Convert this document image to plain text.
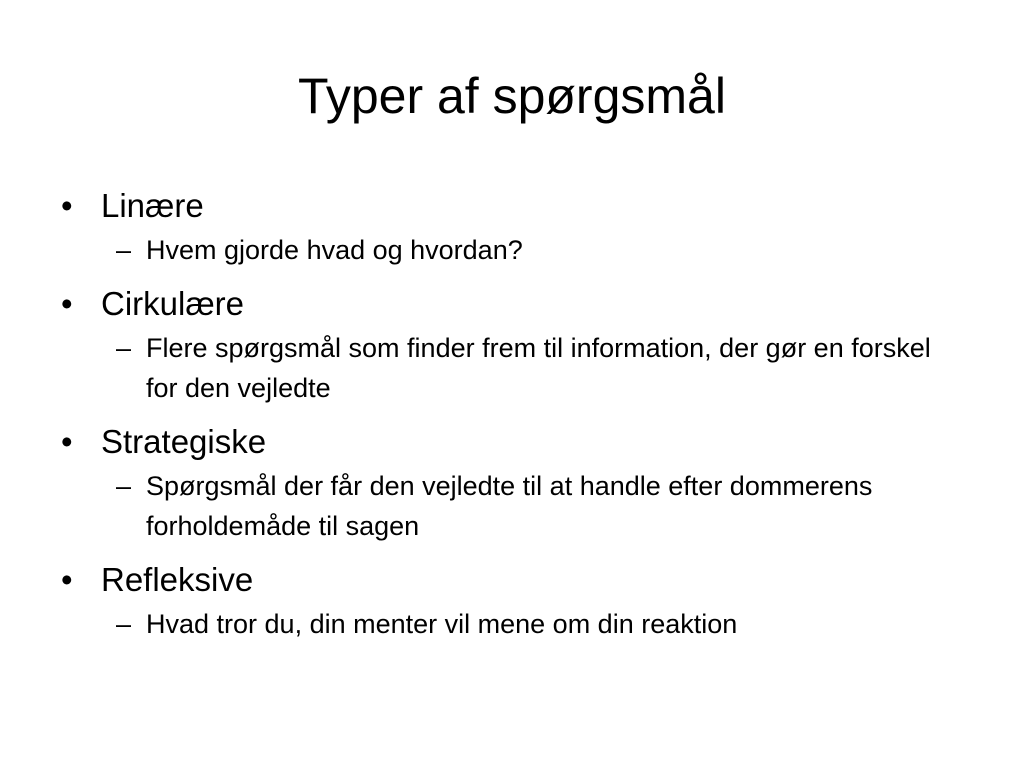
Typer af spørgsmål
• Linære
– Hvem gjorde hvad og hvordan?
• Cirkulære
– Flere spørgsmål som finder frem til information, der gør en forskel for den vejledte
• Strategiske
– Spørgsmål der får den vejledte til at handle efter dommerens forholdemåde til sagen
• Refleksive
– Hvad tror du, din menter vil mene om din reaktion
